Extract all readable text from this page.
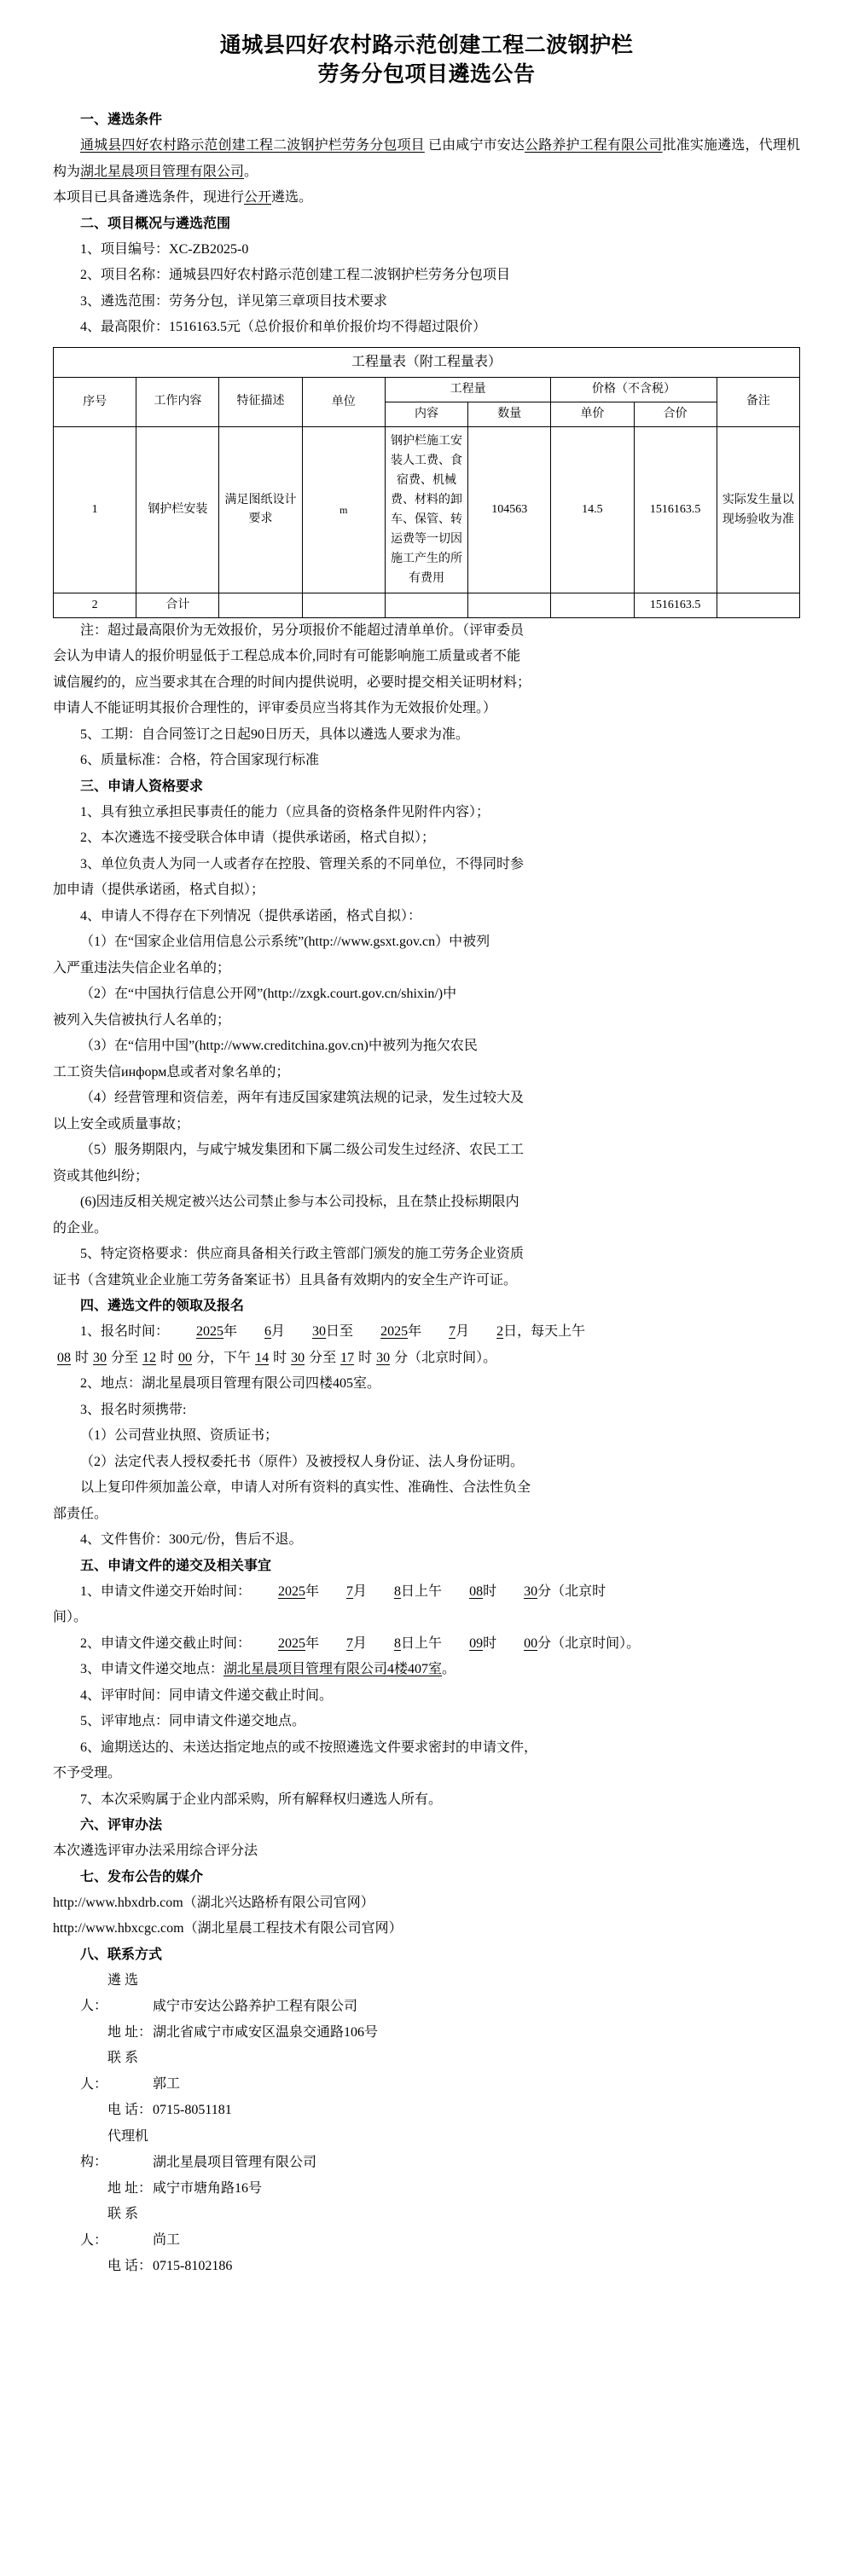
通城县四好农村路示范创建工程二波钢护栏
劳务分包项目遴选公告
一、遴选条件

通城县四好农村路示范创建工程二波钢护栏劳务分包项目 已由咸宁市安达公路养护工程有限公司批准实施遴选，代理机构为湖北星晨项目管理有限公司。

本项目已具备遴选条件，现进行公开遴选。

二、项目概况与遴选范围

1、项目编号：XC-ZB2025-0

2、项目名称：通城县四好农村路示范创建工程二波钢护栏劳务分包项目

3、遴选范围：劳务分包，详见第三章项目技术要求

4、最高限价：1516163.5元（总价报价和单价报价均不得超过限价）

工程量表（附工程量表）								
序号	工作内容	特征描述	单位	工程量		价格（不含税）		备注
				内容	数量	单价	合价	
1	钢护栏安装	满足图纸设计要求	m	钢护栏施工安装人工费、食宿费、机械费、材料的卸车、保管、转运费等一切因施工产生的所有费用	104563	14.5	1516163.5	实际发生量以现场验收为准
2	合计						1516163.5	

注：超过最高限价为无效报价，另分项报价不能超过清单单价。（评审委员

会认为申请人的报价明显低于工程总成本价,同时有可能影响施工质量或者不能

诚信履约的，应当要求其在合理的时间内提供说明，必要时提交相关证明材料；

申请人不能证明其报价合理性的，评审委员应当将其作为无效报价处理。）

5、工期：自合同签订之日起90日历天，具体以遴选人要求为准。

6、质量标准：合格，符合国家现行标准

三、申请人资格要求

1、具有独立承担民事责任的能力（应具备的资格条件见附件内容）；

2、本次遴选不接受联合体申请（提供承诺函，格式自拟）；

3、单位负责人为同一人或者存在控股、管理关系的不同单位，不得同时参

加申请（提供承诺函，格式自拟）；

4、申请人不得存在下列情况（提供承诺函，格式自拟）：

（1）在“国家企业信用信息公示系统”(http://www.gsxt.gov.cn）中被列

入严重违法失信企业名单的；

（2）在“中国执行信息公开网”(http://zxgk.court.gov.cn/shixin/)中

被列入失信被执行人名单的；

（3）在“信用中国”(http://www.creditchina.gov.cn)中被列为拖欠农民

工工资失信информ息或者对象名单的；

（4）经营管理和资信差，两年有违反国家建筑法规的记录，发生过较大及

以上安全或质量事故；

（5）服务期限内，与咸宁城发集团和下属二级公司发生过经济、农民工工

资或其他纠纷；

(6)因违反相关规定被兴达公司禁止参与本公司投标，且在禁止投标期限内

的企业。

5、特定资格要求：供应商具备相关行政主管部门颁发的施工劳务企业资质

证书（含建筑业企业施工劳务备案证书）且具备有效期内的安全生产许可证。

四、遴选文件的领取及报名

1、报名时间： 2025年 6月 30日至 2025年 7月 2日，每天上午

08 时 30 分至 12 时 00 分，下午 14 时 30 分至 17 时 30 分（北京时间）。

2、地点：湖北星晨项目管理有限公司四楼405室。

3、报名时须携带:

（1）公司营业执照、资质证书；

（2）法定代表人授权委托书（原件）及被授权人身份证、法人身份证明。

以上复印件须加盖公章，申请人对所有资料的真实性、准确性、合法性负全

部责任。

4、文件售价：300元/份，售后不退。

五、申请文件的递交及相关事宜

1、申请文件递交开始时间： 2025年 7月 8日上午 08时 30分（北京时

间）。

2、申请文件递交截止时间： 2025年 7月 8日上午 09时 00分（北京时间）。

3、申请文件递交地点：湖北星晨项目管理有限公司4楼407室。

4、评审时间：同申请文件递交截止时间。

5、评审地点：同申请文件递交地点。

6、逾期送达的、未送达指定地点的或不按照遴选文件要求密封的申请文件，

不予受理。

7、本次采购属于企业内部采购，所有解释权归遴选人所有。

六、评审办法

本次遴选评审办法采用综合评分法

七、发布公告的媒介

http://www.hbxdrb.com（湖北兴达路桥有限公司官网）

http://www.hbxcgc.com（湖北星晨工程技术有限公司官网）

八、联系方式

遴 选 人：	咸宁市安达公路养护工程有限公司

地 址：湖北省咸宁市咸安区温泉交通路106号

联 系 人：	郭工

电 话：0715-8051181

代理机构：	湖北星晨项目管理有限公司

地 址：咸宁市塘角路16号

联 系 人：	尚工

电 话：0715-8102186
